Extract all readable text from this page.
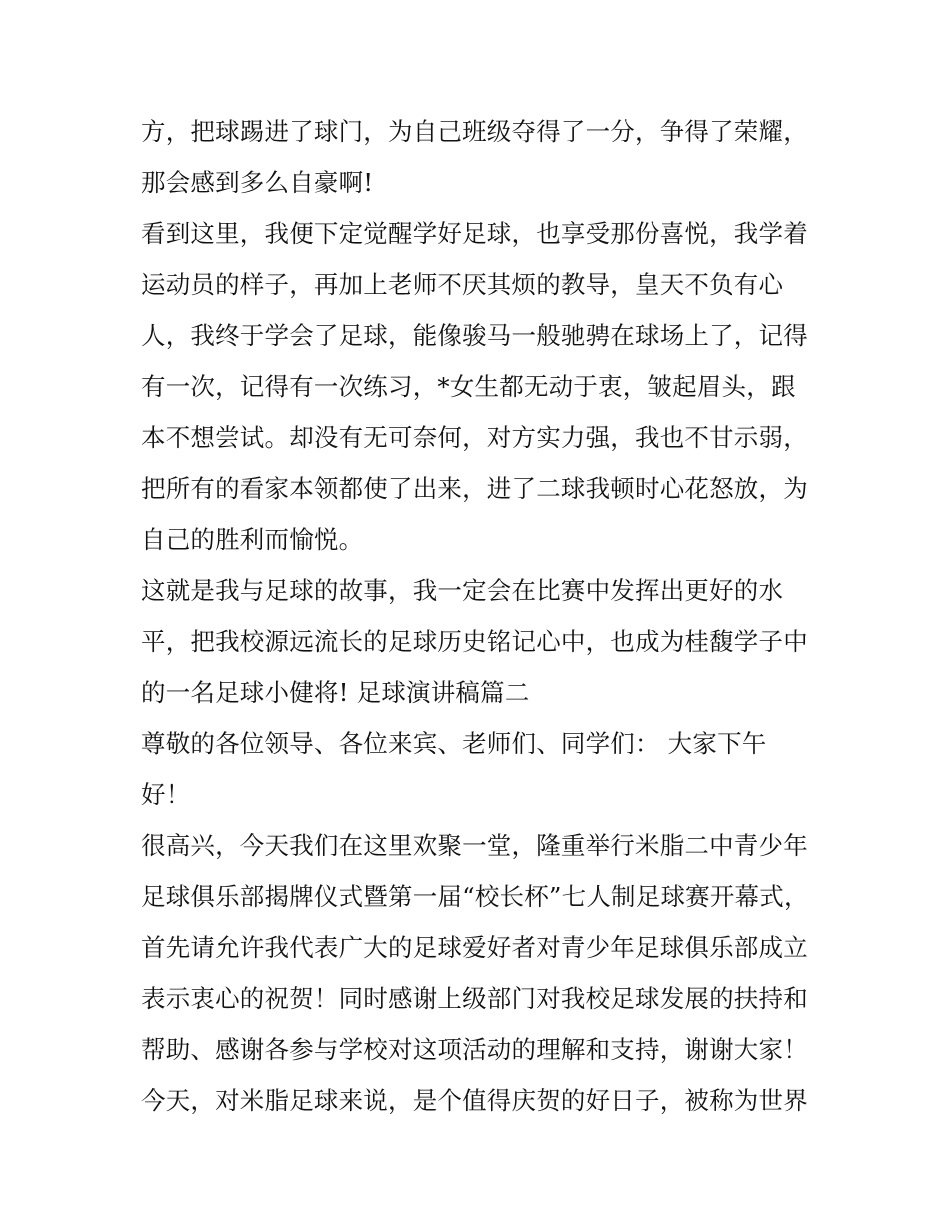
方，把球踢进了球门，为自己班级夺得了一分，争得了荣耀，
那会感到多么自豪啊!
看到这里，我便下定觉醒学好足球，也享受那份喜悦，我学着
运动员的样子，再加上老师不厌其烦的教导，皇天不负有心
人，我终于学会了足球，能像骏马一般驰骋在球场上了，记得
有一次，记得有一次练习，*女生都无动于衷，皱起眉头，跟
本不想尝试。却没有无可奈何，对方实力强，我也不甘示弱，
把所有的看家本领都使了出来，进了二球我顿时心花怒放，为
自己的胜利而愉悦。
这就是我与足球的故事，我一定会在比赛中发挥出更好的水
平，把我校源远流长的足球历史铭记心中，也成为桂馥学子中
的一名足球小健将! 足球演讲稿篇二
尊敬的各位领导、各位来宾、老师们、同学们： 大家下午
好！
很高兴，今天我们在这里欢聚一堂，隆重举行米脂二中青少年
足球俱乐部揭牌仪式暨第一届“校长杯”七人制足球赛开幕式，
首先请允许我代表广大的足球爱好者对青少年足球俱乐部成立
表示衷心的祝贺！同时感谢上级部门对我校足球发展的扶持和
帮助、感谢各参与学校对这项活动的理解和支持，谢谢大家！
今天，对米脂足球来说，是个值得庆贺的好日子，被称为世界
